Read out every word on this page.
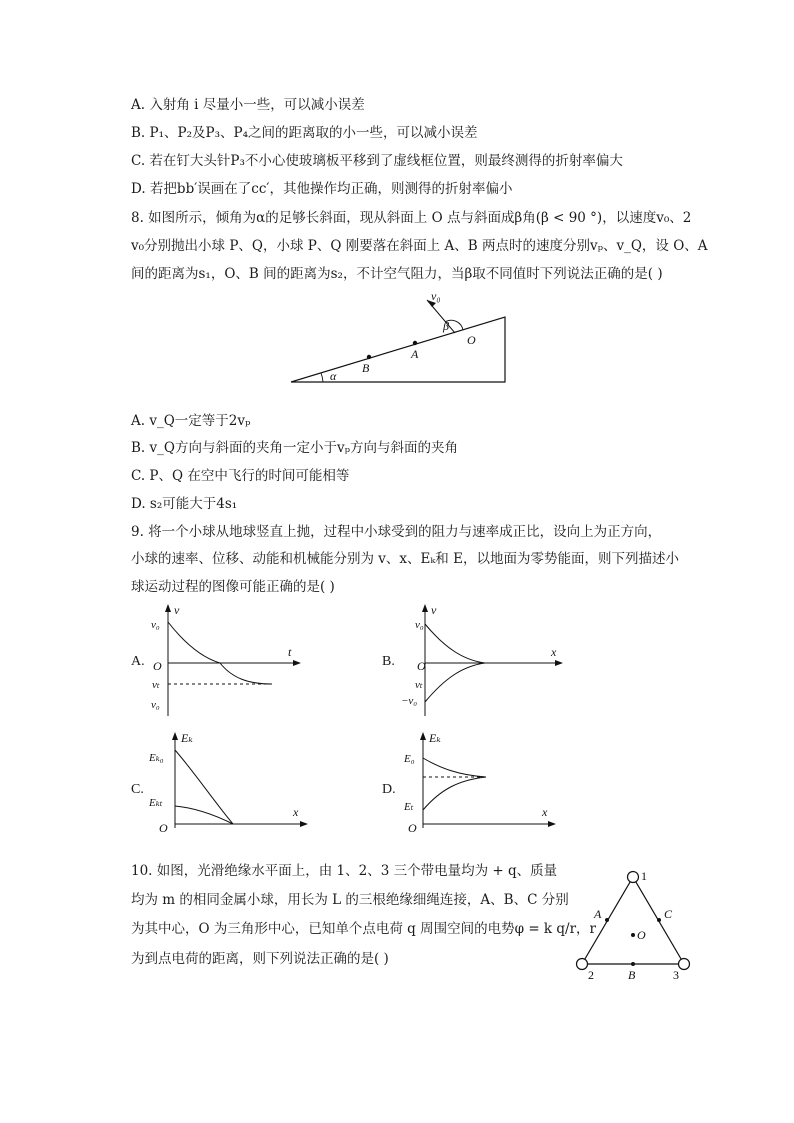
A. 入射角 i 尽量小一些，可以减小误差
B. P₁、P₂及P₃、P₄之间的距离取的小一些，可以减小误差
C. 若在钉大头针P₃不小心使玻璃板平移到了虚线框位置，则最终测得的折射率偏大
D. 若把bb′误画在了cc′，其他操作均正确，则测得的折射率偏小
8. 如图所示，倾角为α的足够长斜面，现从斜面上 O 点与斜面成β角(β < 90 °)，以速度v₀、2
v₀分别抛出小球 P、Q，小球 P、Q 刚要落在斜面上 A、B 两点时的速度分别vₚ、v_Q，设 O、A
间的距离为s₁，O、B 间的距离为s₂，不计空气阻力，当β取不同值时下列说法正确的是( )
v₀
β
O
A
B
α
A. v_Q一定等于2vₚ
B. v_Q方向与斜面的夹角一定小于vₚ方向与斜面的夹角
C. P、Q 在空中飞行的时间可能相等
D. s₂可能大于4s₁
9. 将一个小球从地球竖直上抛，过程中小球受到的阻力与速率成正比，设向上为正方向，
小球的速率、位移、动能和机械能分别为 v、x、Eₖ和 E，以地面为零势能面，则下列描述小
球运动过程的图像可能正确的是( )
A.
v
t
O
v₀
vₜ
v₀
B.
v
x
O
v₀
vₜ
−v₀
C.
Eₖ
x
O
Eₖ₀
Eₖₜ
D.
Eₖ
x
O
E₀
Eₜ
10. 如图，光滑绝缘水平面上，由 1、2、3 三个带电量均为 + q、质量
均为 m 的相同金属小球，用长为 L 的三根绝缘细绳连接，A、B、C 分别
为其中心，O 为三角形中心，已知单个点电荷 q 周围空间的电势φ = k q/r，r
为到点电荷的距离，则下列说法正确的是( )
1
2	3
A	C
B
O
